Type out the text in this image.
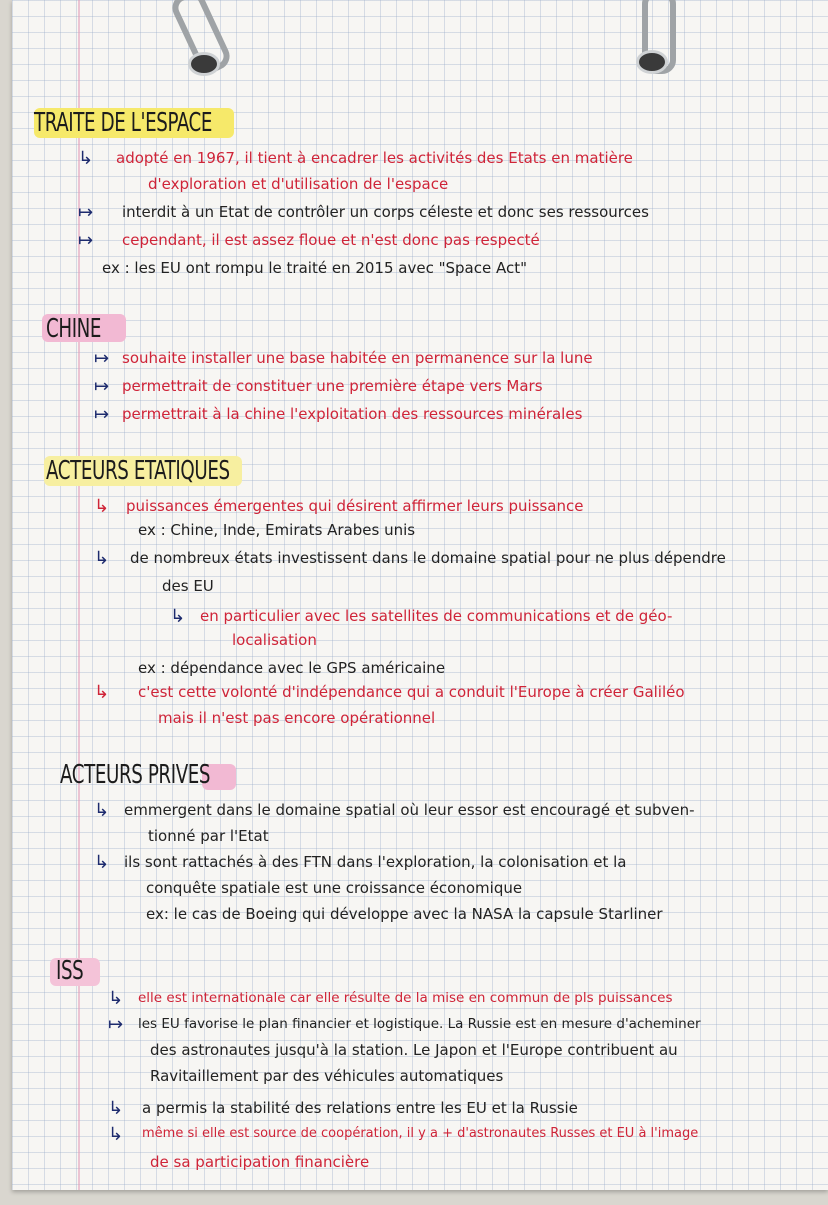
TRAITE DE L'ESPACE
↳ adopté en 1967, il tient à encadrer les activités des Etats en matière
d'exploration et d'utilisation de l'espace
↦ interdit à un Etat de contrôler un corps céleste et donc ses ressources
↦ cependant, il est assez floue et n'est donc pas respecté
ex : les EU ont rompu le traité en 2015 avec "Space Act"
CHINE
↦ souhaite installer une base habitée en permanence sur la lune
↦ permettrait de constituer une première étape vers Mars
↦ permettrait à la chine l'exploitation des ressources minérales
ACTEURS ETATIQUES
↳ puissances émergentes qui désirent affirmer leurs puissance
ex : Chine, Inde, Emirats Arabes unis
↳ de nombreux états investissent dans le domaine spatial pour ne plus dépendre
des EU
↳ en particulier avec les satellites de communications et de géo-
localisation
ex : dépendance avec le GPS américaine
↳ c'est cette volonté d'indépendance qui a conduit l'Europe à créer Galiléo
mais il n'est pas encore opérationnel
ACTEURS PRIVES
↳ emmergent dans le domaine spatial où leur essor est encouragé et subven-
tionné par l'Etat
↳ ils sont rattachés à des FTN dans l'exploration, la colonisation et la
conquête spatiale est une croissance économique
ex: le cas de Boeing qui développe avec la NASA la capsule Starliner
ISS
↳ elle est internationale car elle résulte de la mise en commun de pls puissances
↦ les EU favorise le plan financier et logistique. La Russie est en mesure d'acheminer
des astronautes jusqu'à la station. Le Japon et l'Europe contribuent au
Ravitaillement par des véhicules automatiques
↳ a permis la stabilité des relations entre les EU et la Russie
↳ même si elle est source de coopération, il y a + d'astronautes Russes et EU à l'image
de sa participation financière
